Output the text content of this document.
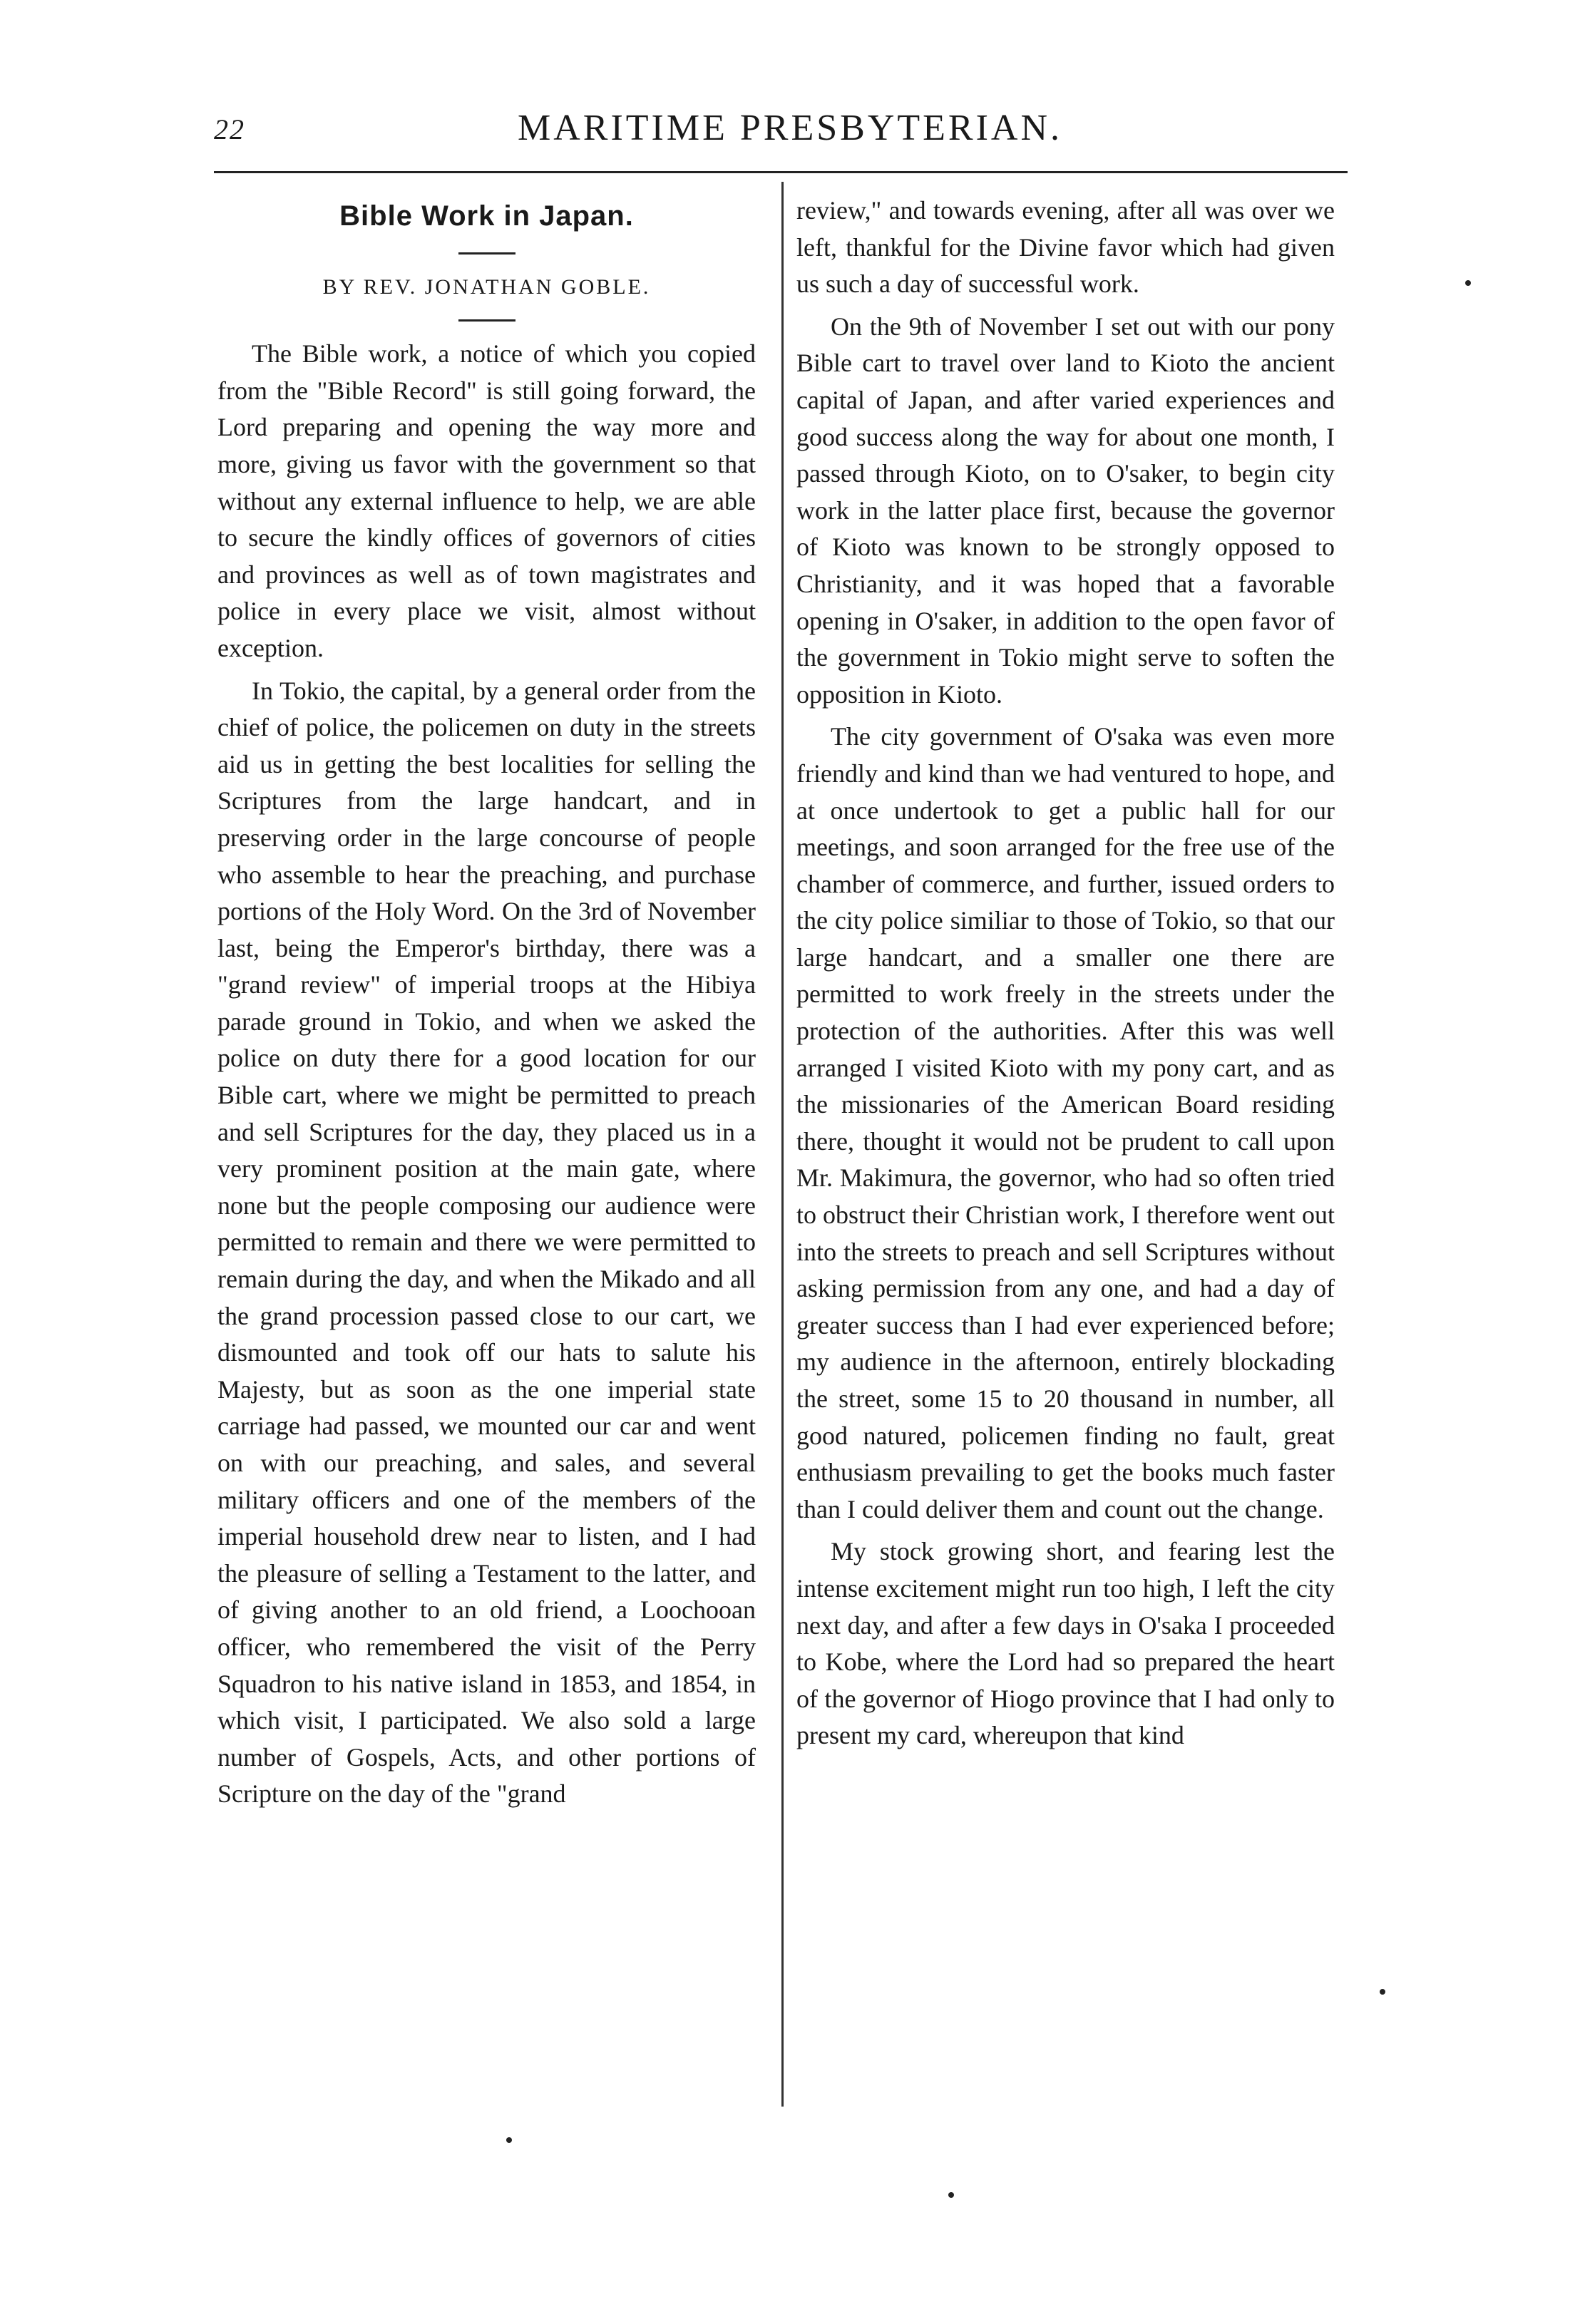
22	MARITIME PRESBYTERIAN.
Bible Work in Japan.
BY REV. JONATHAN GOBLE.

The Bible work, a notice of which you copied from the "Bible Record" is still going forward, the Lord preparing and opening the way more and more, giving us favor with the government so that without any external influence to help, we are able to secure the kindly offices of governors of cities and provinces as well as of town magistrates and police in every place we visit, almost without exception.

In Tokio, the capital, by a general order from the chief of police, the policemen on duty in the streets aid us in getting the best localities for selling the Scriptures from the large handcart, and in preserving order in the large concourse of people who assemble to hear the preaching, and purchase portions of the Holy Word. On the 3rd of November last, being the Emperor's birthday, there was a "grand review" of imperial troops at the Hibiya parade ground in Tokio, and when we asked the police on duty there for a good location for our Bible cart, where we might be permitted to preach and sell Scriptures for the day, they placed us in a very prominent position at the main gate, where none but the people composing our audience were permitted to remain and there we were permitted to remain during the day, and when the Mikado and all the grand procession passed close to our cart, we dismounted and took off our hats to salute his Majesty, but as soon as the one imperial state carriage had passed, we mounted our car and went on with our preaching, and sales, and several military officers and one of the members of the imperial household drew near to listen, and I had the pleasure of selling a Testament to the latter, and of giving another to an old friend, a Loochooan officer, who remembered the visit of the Perry Squadron to his native island in 1853, and 1854, in which visit, I participated. We also sold a large number of Gospels, Acts, and other portions of Scripture on the day of the "grand

review," and towards evening, after all was over we left, thankful for the Divine favor which had given us such a day of successful work.

On the 9th of November I set out with our pony Bible cart to travel over land to Kioto the ancient capital of Japan, and after varied experiences and good success along the way for about one month, I passed through Kioto, on to O'saker, to begin city work in the latter place first, because the governor of Kioto was known to be strongly opposed to Christianity, and it was hoped that a favorable opening in O'saker, in addition to the open favor of the government in Tokio might serve to soften the opposition in Kioto.

The city government of O'saka was even more friendly and kind than we had ventured to hope, and at once undertook to get a public hall for our meetings, and soon arranged for the free use of the chamber of commerce, and further, issued orders to the city police similiar to those of Tokio, so that our large handcart, and a smaller one there are permitted to work freely in the streets under the protection of the authorities. After this was well arranged I visited Kioto with my pony cart, and as the missionaries of the American Board residing there, thought it would not be prudent to call upon Mr. Makimura, the governor, who had so often tried to obstruct their Christian work, I therefore went out into the streets to preach and sell Scriptures without asking permission from any one, and had a day of greater success than I had ever experienced before; my audience in the afternoon, entirely blockading the street, some 15 to 20 thousand in number, all good natured, policemen finding no fault, great enthusiasm prevailing to get the books much faster than I could deliver them and count out the change.

My stock growing short, and fearing lest the intense excitement might run too high, I left the city next day, and after a few days in O'saka I proceeded to Kobe, where the Lord had so prepared the heart of the governor of Hiogo province that I had only to present my card, whereupon that kind
